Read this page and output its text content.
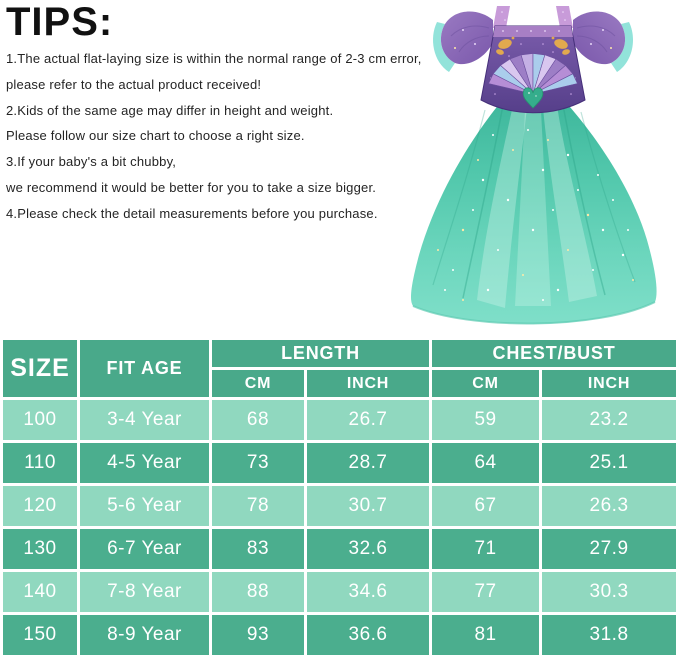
TIPS:

1.The actual flat-laying size is within the normal range of 2-3 cm error,

please refer to the actual product received!

2.Kids of the same age may differ in height and weight.

Please follow our size chart to choose a right size.

3.If your baby's a bit chubby,

we recommend it would be better for you to take a size bigger.

4.Please check the detail measurements before you purchase.

SIZE	FIT AGE	LENGTH		CHEST/BUST	
		CM	INCH	CM	INCH
100	3-4 Year	68	26.7	59	23.2
110	4-5 Year	73	28.7	64	25.1
120	5-6 Year	78	30.7	67	26.3
130	6-7 Year	83	32.6	71	27.9
140	7-8 Year	88	34.6	77	30.3
150	8-9 Year	93	36.6	81	31.8
